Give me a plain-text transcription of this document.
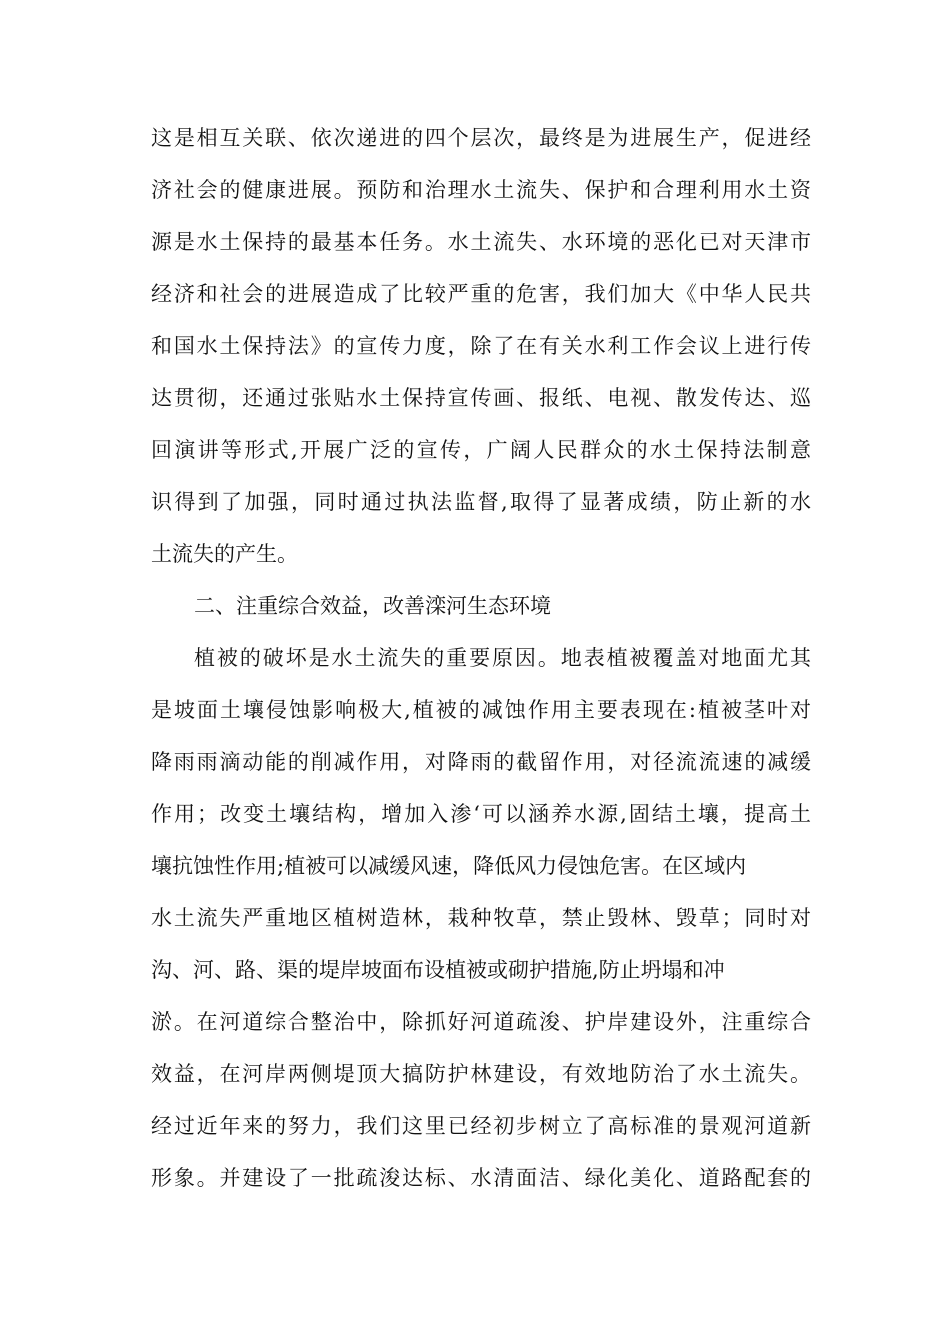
这是相互关联、依次递进的四个层次，最终是为进展生产，促进经
济社会的健康进展。预防和治理水土流失、保护和合理利用水土资
源是水土保持的最基本任务。水土流失、水环境的恶化已对天津市
经济和社会的进展造成了比较严重的危害，我们加大《中华人民共
和国水土保持法》的宣传力度，除了在有关水利工作会议上进行传
达贯彻，还通过张贴水土保持宣传画、报纸、电视、散发传达、巡
回演讲等形式,开展广泛的宣传，广阔人民群众的水土保持法制意
识得到了加强，同时通过执法监督,取得了显著成绩，防止新的水
土流失的产生。
二、注重综合效益，改善滦河生态环境
植被的破坏是水土流失的重要原因。地表植被覆盖对地面尤其
是坡面土壤侵蚀影响极大,植被的减蚀作用主要表现在:植被茎叶对
降雨雨滴动能的削减作用，对降雨的截留作用，对径流流速的减缓
作用；改变土壤结构，增加入渗‘可以涵养水源,固结土壤，提高土
壤抗蚀性作用;植被可以减缓风速，降低风力侵蚀危害。在区域内
水土流失严重地区植树造林，栽种牧草，禁止毁林、毁草；同时对
沟、河、路、渠的堤岸坡面布设植被或砌护措施,防止坍塌和冲
淤。在河道综合整治中，除抓好河道疏浚、护岸建设外，注重综合
效益，在河岸两侧堤顶大搞防护林建设，有效地防治了水土流失。
经过近年来的努力，我们这里已经初步树立了高标准的景观河道新
形象。并建设了一批疏浚达标、水清面洁、绿化美化、道路配套的
